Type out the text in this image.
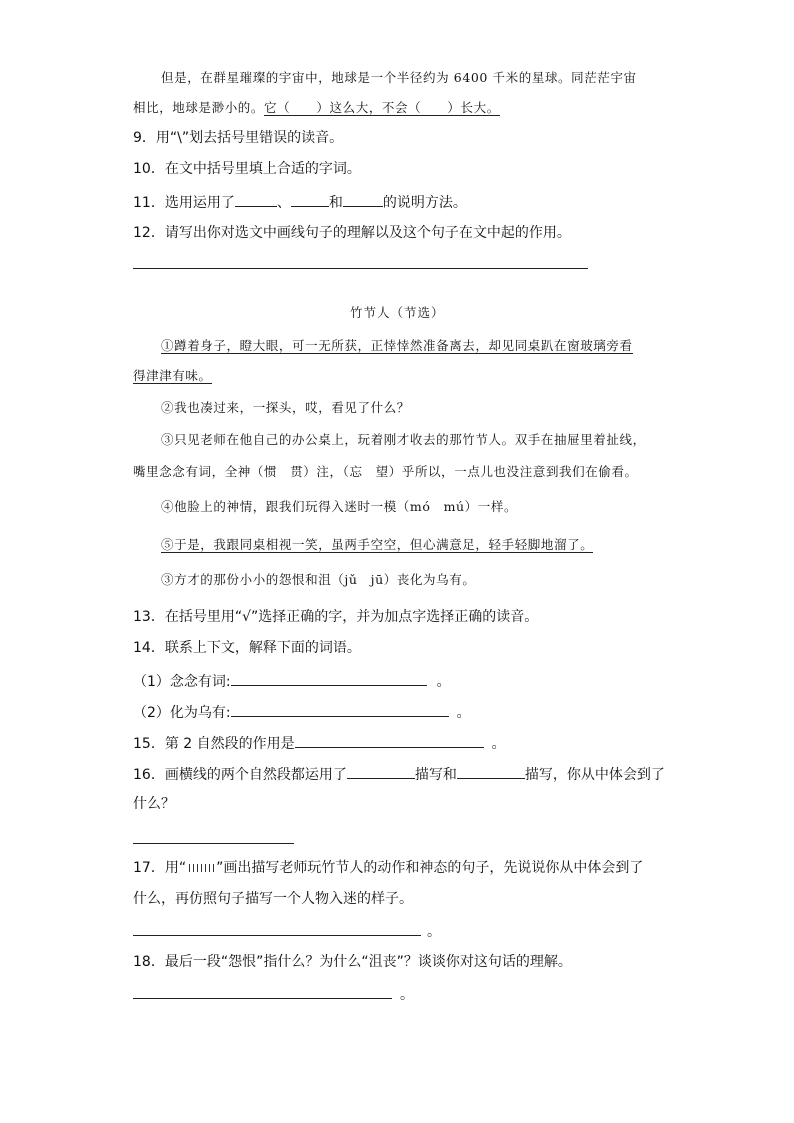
但是，在群星璀璨的宇宙中，地球是一个半径约为 6400 千米的星球。同茫茫宇宙
相比，地球是渺小的。它（　　）这么大，不会（　　）长大。
9．用“\”划去括号里错误的读音。
10．在文中括号里填上合适的字词。
11．选用运用了	、	和	的说明方法。
12．请写出你对选文中画线句子的理解以及这个句子在文中起的作用。
竹节人（节选）
①蹲着身子，瞪大眼，可一无所获，正悻悻然准备离去，却见同桌趴在窗玻璃旁看
得津津有味。
②我也凑过来，一探头，哎，看见了什么？
③只见老师在他自己的办公桌上，玩着刚才收去的那竹节人。双手在抽屉里着扯线，
嘴里念念有词，全神（惯　贯）注，（忘　望）乎所以，一点儿也没注意到我们在偷看。
④他脸上的神情，跟我们玩得入迷时一模（mó　mú）一样。
⑤于是，我跟同桌相视一笑，虽两手空空，但心满意足，轻手轻脚地溜了。
③方才的那份小小的怨恨和沮（jǔ　jū）丧化为乌有。
13．在括号里用“√”选择正确的字，并为加点字选择正确的读音。
14．联系上下文，解释下面的词语。
（1）念念有词:	。
（2）化为乌有:	。
15．第 2 自然段的作用是	。
16．画横线的两个自然段都运用了	描写和	描写，你从中体会到了
什么？
17．用“ ”画出描写老师玩竹节人的动作和神态的句子，先说说你从中体会到了
什么，再仿照句子描写一个人物入迷的样子。
。
18．最后一段“怨恨”指什么？为什么“沮丧”？谈谈你对这句话的理解。
。
